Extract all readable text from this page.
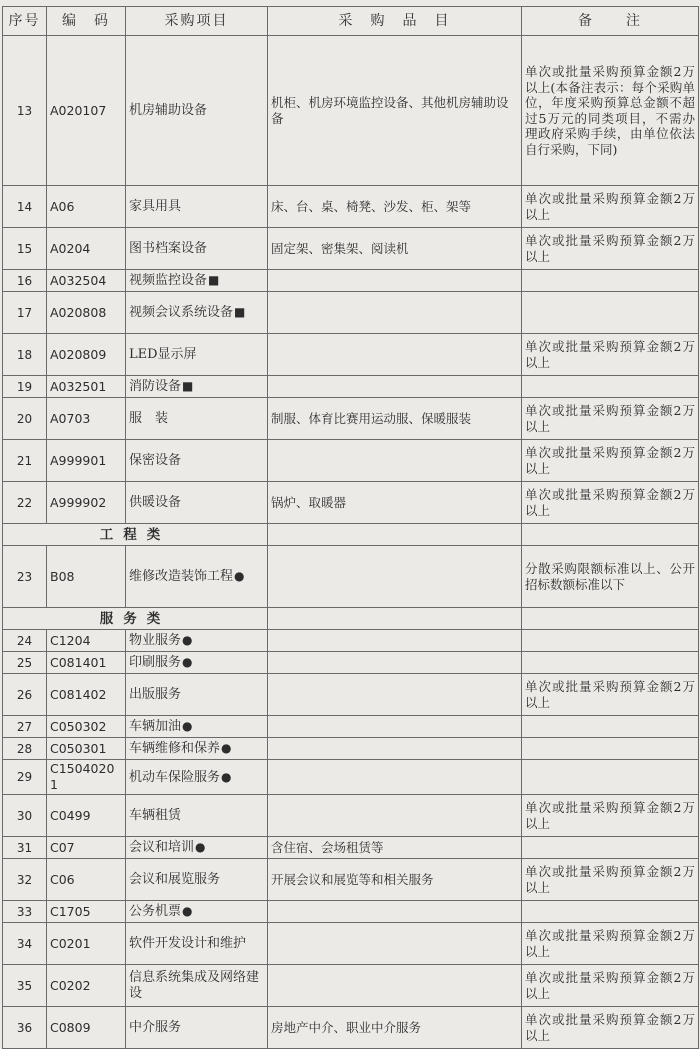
序号	编　码	采购项目	采　购　品　目	备　　注
13	A020107	机房辅助设备	机柜、机房环境监控设备、其他机房辅助设备	单次或批量采购预算金额2万以上(本备注表示：每个采购单位，年度采购预算总金额不超过5万元的同类项目，不需办理政府采购手续，由单位依法自行采购，下同)
14	A06	家具用具	床、台、桌、椅凳、沙发、柜、架等	单次或批量采购预算金额2万以上
15	A0204	图书档案设备	固定架、密集架、阅读机	单次或批量采购预算金额2万以上
16	A032504	视频监控设备■		
17	A020808	视频会议系统设备■		
18	A020809	LED显示屏		单次或批量采购预算金额2万以上
19	A032501	消防设备■		
20	A0703	服　装	制服、体育比赛用运动服、保暖服装	单次或批量采购预算金额2万以上
21	A999901	保密设备		单次或批量采购预算金额2万以上
22	A999902	供暖设备	锅炉、取暖器	单次或批量采购预算金额2万以上
工程类				
23	B08	维修改造装饰工程●		分散采购限额标准以上、公开招标数额标准以下
服务类				
24	C1204	物业服务●		
25	C081401	印刷服务●		
26	C081402	出版服务		单次或批量采购预算金额2万以上
27	C050302	车辆加油●		
28	C050301	车辆维修和保养●		
29	C15040201	机动车保险服务●		
30	C0499	车辆租赁		单次或批量采购预算金额2万以上
31	C07	会议和培训●	含住宿、会场租赁等	
32	C06	会议和展览服务	开展会议和展览等和相关服务	单次或批量采购预算金额2万以上
33	C1705	公务机票●		
34	C0201	软件开发设计和维护		单次或批量采购预算金额2万以上
35	C0202	信息系统集成及网络建设		单次或批量采购预算金额2万以上
36	C0809	中介服务	房地产中介、职业中介服务	单次或批量采购预算金额2万以上
